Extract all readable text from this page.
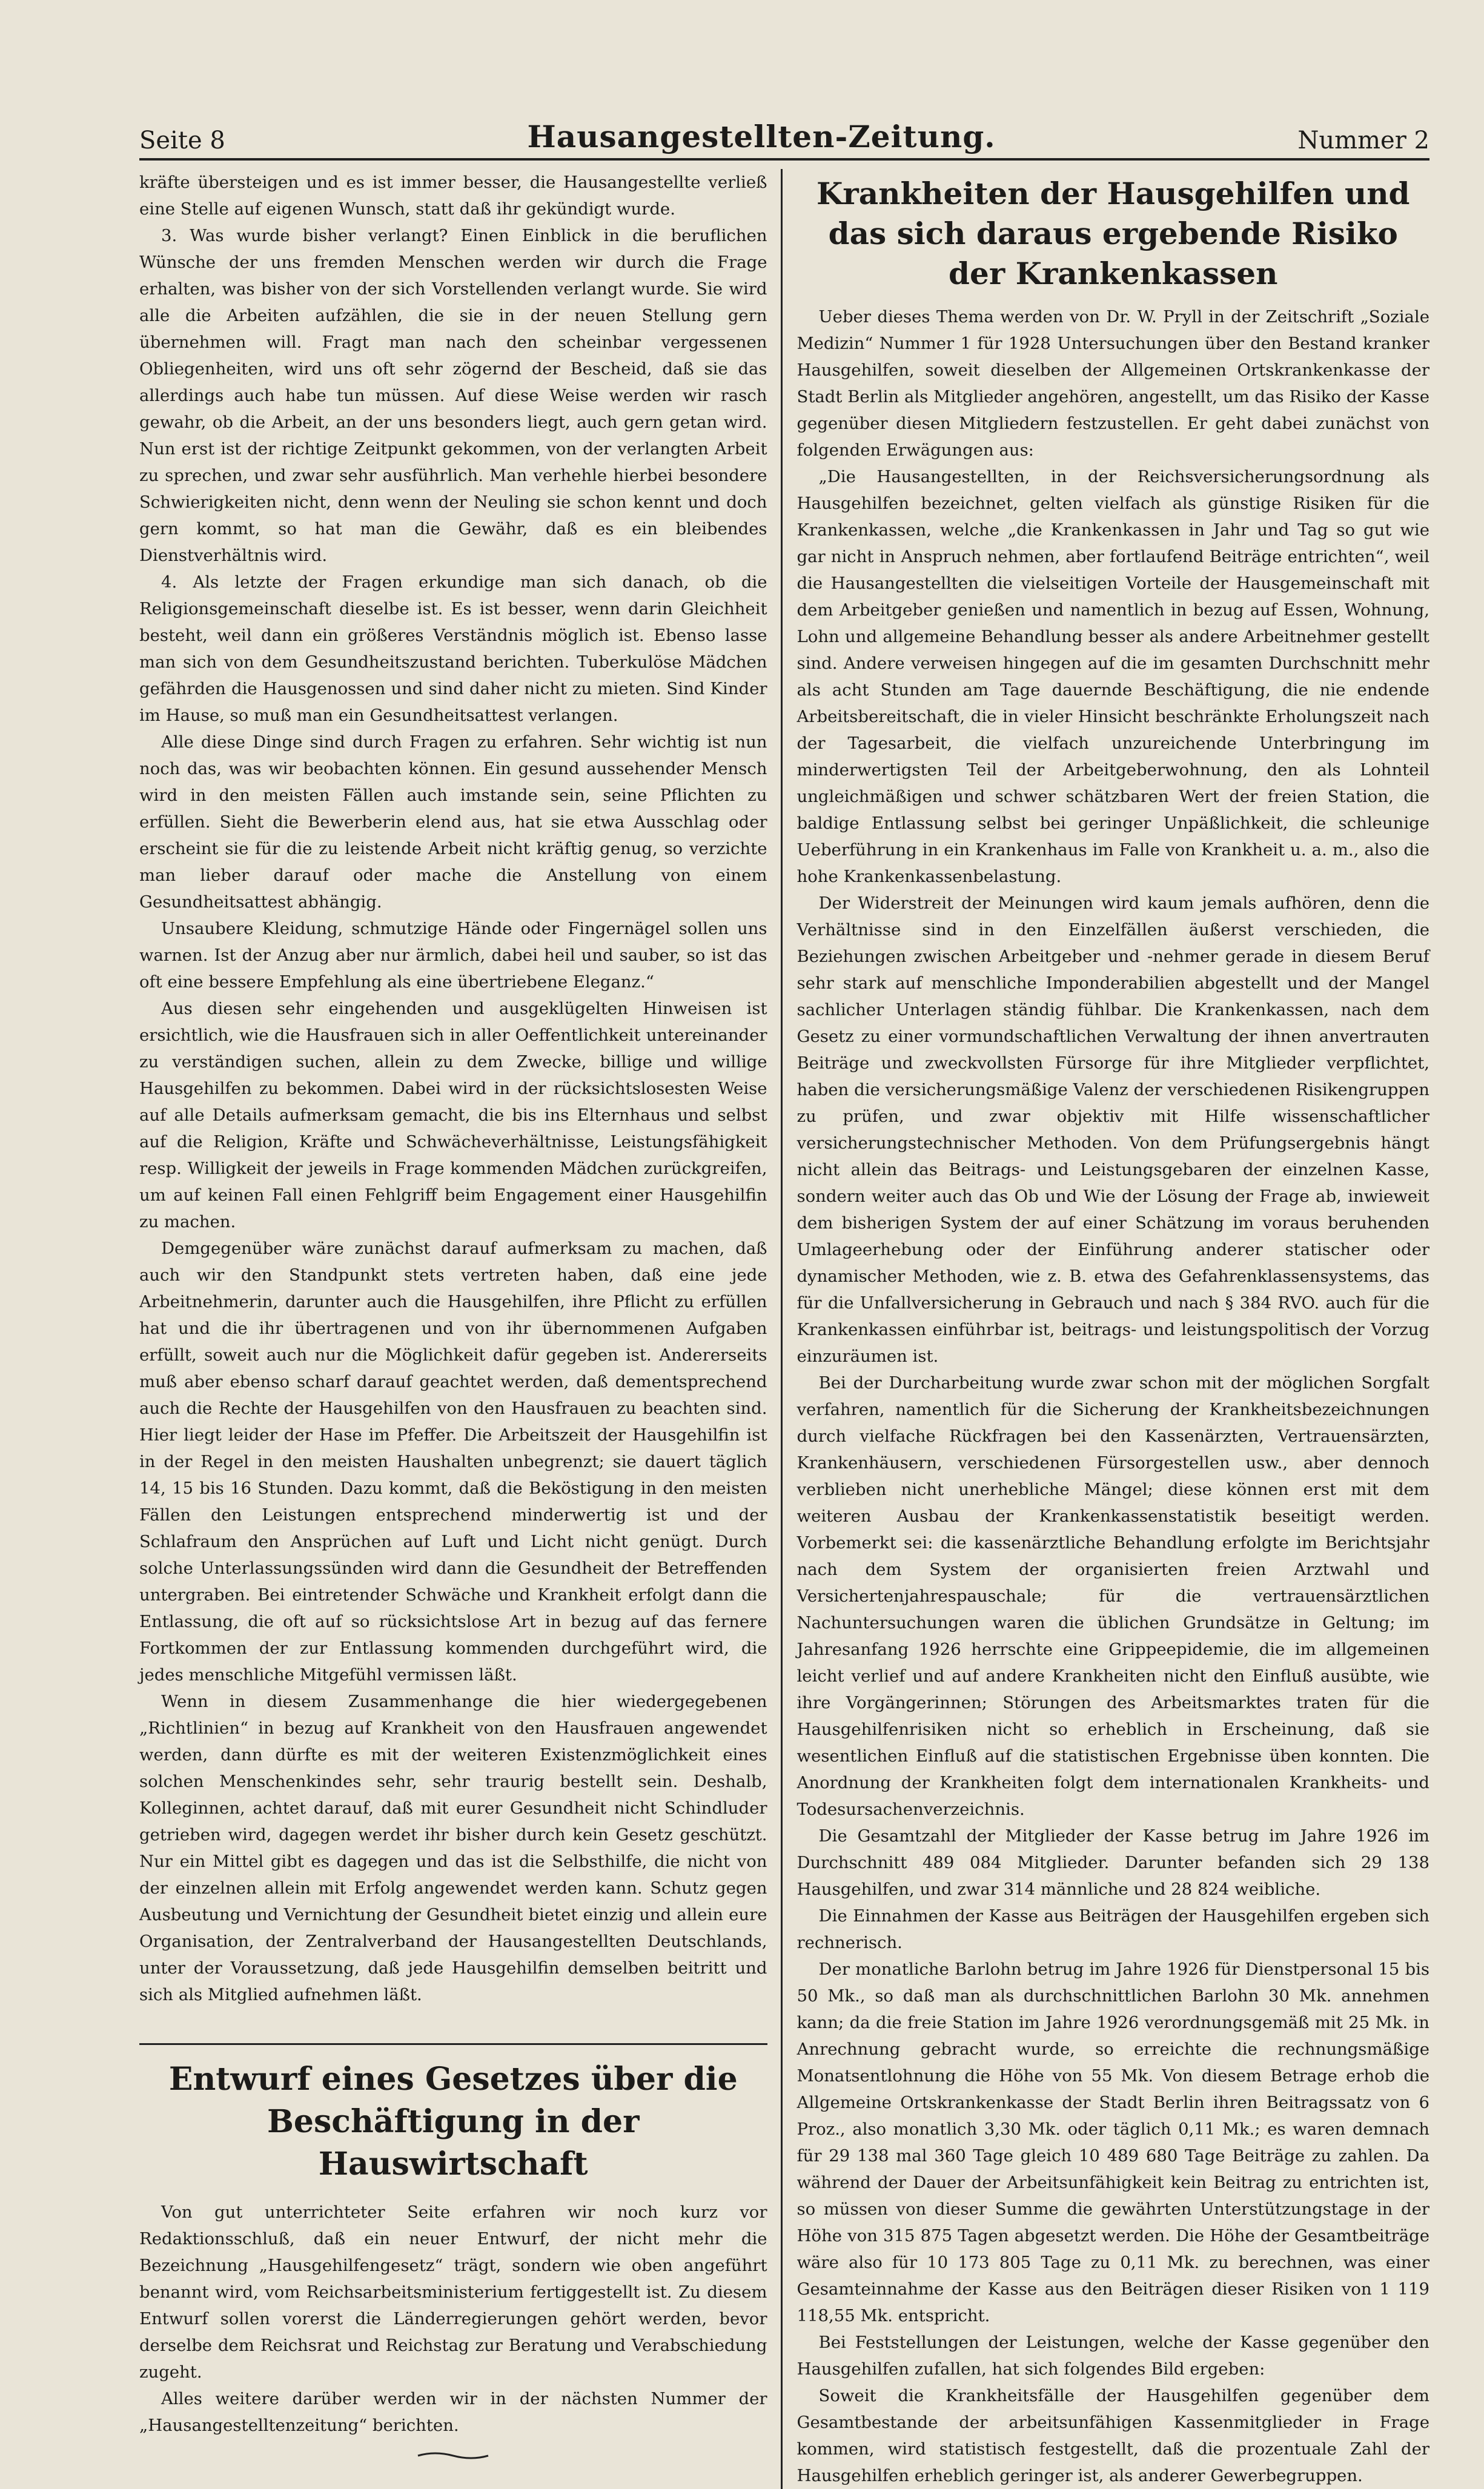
Seite 8	Hausangestellten-Zeitung.	Nummer 2

kräfte übersteigen und es ist immer besser, die Hausangestellte verließ eine Stelle auf eigenen Wunsch, statt daß ihr gekündigt wurde.

3. Was wurde bisher verlangt? Einen Einblick in die beruflichen Wünsche der uns fremden Menschen werden wir durch die Frage erhalten, was bisher von der sich Vorstellenden verlangt wurde. Sie wird alle die Arbeiten aufzählen, die sie in der neuen Stellung gern übernehmen will. Fragt man nach den scheinbar vergessenen Obliegenheiten, wird uns oft sehr zögernd der Bescheid, daß sie das allerdings auch habe tun müssen. Auf diese Weise werden wir rasch gewahr, ob die Arbeit, an der uns besonders liegt, auch gern getan wird. Nun erst ist der richtige Zeitpunkt gekommen, von der verlangten Arbeit zu sprechen, und zwar sehr ausführlich. Man verhehle hierbei besondere Schwierigkeiten nicht, denn wenn der Neuling sie schon kennt und doch gern kommt, so hat man die Gewähr, daß es ein bleibendes Dienstverhältnis wird.

4. Als letzte der Fragen erkundige man sich danach, ob die Religionsgemeinschaft dieselbe ist. Es ist besser, wenn darin Gleichheit besteht, weil dann ein größeres Verständnis möglich ist. Ebenso lasse man sich von dem Gesundheitszustand berichten. Tuberkulöse Mädchen gefährden die Hausgenossen und sind daher nicht zu mieten. Sind Kinder im Hause, so muß man ein Gesundheitsattest verlangen.

Alle diese Dinge sind durch Fragen zu erfahren. Sehr wichtig ist nun noch das, was wir beobachten können. Ein gesund aussehender Mensch wird in den meisten Fällen auch imstande sein, seine Pflichten zu erfüllen. Sieht die Bewerberin elend aus, hat sie etwa Ausschlag oder erscheint sie für die zu leistende Arbeit nicht kräftig genug, so verzichte man lieber darauf oder mache die Anstellung von einem Gesundheitsattest abhängig.

Unsaubere Kleidung, schmutzige Hände oder Fingernägel sollen uns warnen. Ist der Anzug aber nur ärmlich, dabei heil und sauber, so ist das oft eine bessere Empfehlung als eine übertriebene Eleganz.“

Aus diesen sehr eingehenden und ausgeklügelten Hinweisen ist ersichtlich, wie die Hausfrauen sich in aller Oeffentlichkeit untereinander zu verständigen suchen, allein zu dem Zwecke, billige und willige Hausgehilfen zu bekommen. Dabei wird in der rücksichtslosesten Weise auf alle Details aufmerksam gemacht, die bis ins Elternhaus und selbst auf die Religion, Kräfte und Schwächeverhältnisse, Leistungsfähigkeit resp. Willigkeit der jeweils in Frage kommenden Mädchen zurückgreifen, um auf keinen Fall einen Fehlgriff beim Engagement einer Hausgehilfin zu machen.

Demgegenüber wäre zunächst darauf aufmerksam zu machen, daß auch wir den Standpunkt stets vertreten haben, daß eine jede Arbeitnehmerin, darunter auch die Hausgehilfen, ihre Pflicht zu erfüllen hat und die ihr übertragenen und von ihr übernommenen Aufgaben erfüllt, soweit auch nur die Möglichkeit dafür gegeben ist. Andererseits muß aber ebenso scharf darauf geachtet werden, daß dementsprechend auch die Rechte der Hausgehilfen von den Hausfrauen zu beachten sind. Hier liegt leider der Hase im Pfeffer. Die Arbeitszeit der Hausgehilfin ist in der Regel in den meisten Haushalten unbegrenzt; sie dauert täglich 14, 15 bis 16 Stunden. Dazu kommt, daß die Beköstigung in den meisten Fällen den Leistungen entsprechend minderwertig ist und der Schlafraum den Ansprüchen auf Luft und Licht nicht genügt. Durch solche Unterlassungssünden wird dann die Gesundheit der Betreffenden untergraben. Bei eintretender Schwäche und Krankheit erfolgt dann die Entlassung, die oft auf so rücksichtslose Art in bezug auf das fernere Fortkommen der zur Entlassung kommenden durchgeführt wird, die jedes menschliche Mitgefühl vermissen läßt.

Wenn in diesem Zusammenhange die hier wiedergegebenen „Richtlinien“ in bezug auf Krankheit von den Hausfrauen angewendet werden, dann dürfte es mit der weiteren Existenzmöglichkeit eines solchen Menschenkindes sehr, sehr traurig bestellt sein. Deshalb, Kolleginnen, achtet darauf, daß mit eurer Gesundheit nicht Schindluder getrieben wird, dagegen werdet ihr bisher durch kein Gesetz geschützt. Nur ein Mittel gibt es dagegen und das ist die Selbsthilfe, die nicht von der einzelnen allein mit Erfolg angewendet werden kann. Schutz gegen Ausbeutung und Vernichtung der Gesundheit bietet einzig und allein eure Organisation, der Zentralverband der Hausangestellten Deutschlands, unter der Voraussetzung, daß jede Hausgehilfin demselben beitritt und sich als Mitglied aufnehmen läßt.

Entwurf eines Gesetzes über die Beschäftigung in der Hauswirtschaft

Von gut unterrichteter Seite erfahren wir noch kurz vor Redaktionsschluß, daß ein neuer Entwurf, der nicht mehr die Bezeichnung „Hausgehilfengesetz“ trägt, sondern wie oben angeführt benannt wird, vom Reichsarbeitsministerium fertiggestellt ist. Zu diesem Entwurf sollen vorerst die Länderregierungen gehört werden, bevor derselbe dem Reichsrat und Reichstag zur Beratung und Verabschiedung zugeht.

Alles weitere darüber werden wir in der nächsten Nummer der „Hausangestelltenzeitung“ berichten.

Krankheiten der Hausgehilfen und das sich daraus ergebende Risiko der Krankenkassen

Ueber dieses Thema werden von Dr. W. Pryll in der Zeitschrift „Soziale Medizin“ Nummer 1 für 1928 Untersuchungen über den Bestand kranker Hausgehilfen, soweit dieselben der Allgemeinen Ortskrankenkasse der Stadt Berlin als Mitglieder angehören, angestellt, um das Risiko der Kasse gegenüber diesen Mitgliedern festzustellen. Er geht dabei zunächst von folgenden Erwägungen aus:

„Die Hausangestellten, in der Reichsversicherungsordnung als Hausgehilfen bezeichnet, gelten vielfach als günstige Risiken für die Krankenkassen, welche „die Krankenkassen in Jahr und Tag so gut wie gar nicht in Anspruch nehmen, aber fortlaufend Beiträge entrichten“, weil die Hausangestellten die vielseitigen Vorteile der Hausgemeinschaft mit dem Arbeitgeber genießen und namentlich in bezug auf Essen, Wohnung, Lohn und allgemeine Behandlung besser als andere Arbeitnehmer gestellt sind. Andere verweisen hingegen auf die im gesamten Durchschnitt mehr als acht Stunden am Tage dauernde Beschäftigung, die nie endende Arbeitsbereitschaft, die in vieler Hinsicht beschränkte Erholungszeit nach der Tagesarbeit, die vielfach unzureichende Unterbringung im minderwertigsten Teil der Arbeitgeberwohnung, den als Lohnteil ungleichmäßigen und schwer schätzbaren Wert der freien Station, die baldige Entlassung selbst bei geringer Unpäßlichkeit, die schleunige Ueberführung in ein Krankenhaus im Falle von Krankheit u. a. m., also die hohe Krankenkassenbelastung.

Der Widerstreit der Meinungen wird kaum jemals aufhören, denn die Verhältnisse sind in den Einzelfällen äußerst verschieden, die Beziehungen zwischen Arbeitgeber und -nehmer gerade in diesem Beruf sehr stark auf menschliche Imponderabilien abgestellt und der Mangel sachlicher Unterlagen ständig fühlbar. Die Krankenkassen, nach dem Gesetz zu einer vormundschaftlichen Verwaltung der ihnen anvertrauten Beiträge und zweckvollsten Fürsorge für ihre Mitglieder verpflichtet, haben die versicherungsmäßige Valenz der verschiedenen Risikengruppen zu prüfen, und zwar objektiv mit Hilfe wissenschaftlicher versicherungstechnischer Methoden. Von dem Prüfungsergebnis hängt nicht allein das Beitrags- und Leistungsgebaren der einzelnen Kasse, sondern weiter auch das Ob und Wie der Lösung der Frage ab, inwieweit dem bisherigen System der auf einer Schätzung im voraus beruhenden Umlageerhebung oder der Einführung anderer statischer oder dynamischer Methoden, wie z. B. etwa des Gefahrenklassensystems, das für die Unfallversicherung in Gebrauch und nach § 384 RVO. auch für die Krankenkassen einführbar ist, beitrags- und leistungspolitisch der Vorzug einzuräumen ist.

Bei der Durcharbeitung wurde zwar schon mit der möglichen Sorgfalt verfahren, namentlich für die Sicherung der Krankheitsbezeichnungen durch vielfache Rückfragen bei den Kassenärzten, Vertrauensärzten, Krankenhäusern, verschiedenen Fürsorgestellen usw., aber dennoch verblieben nicht unerhebliche Mängel; diese können erst mit dem weiteren Ausbau der Krankenkassenstatistik beseitigt werden. Vorbemerkt sei: die kassenärztliche Behandlung erfolgte im Berichtsjahr nach dem System der organisierten freien Arztwahl und Versichertenjahrespauschale; für die vertrauensärztlichen Nachuntersuchungen waren die üblichen Grundsätze in Geltung; im Jahresanfang 1926 herrschte eine Grippeepidemie, die im allgemeinen leicht verlief und auf andere Krankheiten nicht den Einfluß ausübte, wie ihre Vorgängerinnen; Störungen des Arbeitsmarktes traten für die Hausgehilfenrisiken nicht so erheblich in Erscheinung, daß sie wesentlichen Einfluß auf die statistischen Ergebnisse üben konnten. Die Anordnung der Krankheiten folgt dem internationalen Krankheits- und Todesursachenverzeichnis.

Die Gesamtzahl der Mitglieder der Kasse betrug im Jahre 1926 im Durchschnitt 489 084 Mitglieder. Darunter befanden sich 29 138 Hausgehilfen, und zwar 314 männliche und 28 824 weibliche.

Die Einnahmen der Kasse aus Beiträgen der Hausgehilfen ergeben sich rechnerisch.

Der monatliche Barlohn betrug im Jahre 1926 für Dienstpersonal 15 bis 50 Mk., so daß man als durchschnittlichen Barlohn 30 Mk. annehmen kann; da die freie Station im Jahre 1926 verordnungsgemäß mit 25 Mk. in Anrechnung gebracht wurde, so erreichte die rechnungsmäßige Monatsentlohnung die Höhe von 55 Mk. Von diesem Betrage erhob die Allgemeine Ortskrankenkasse der Stadt Berlin ihren Beitragssatz von 6 Proz., also monatlich 3,30 Mk. oder täglich 0,11 Mk.; es waren demnach für 29 138 mal 360 Tage gleich 10 489 680 Tage Beiträge zu zahlen. Da während der Dauer der Arbeitsunfähigkeit kein Beitrag zu entrichten ist, so müssen von dieser Summe die gewährten Unterstützungstage in der Höhe von 315 875 Tagen abgesetzt werden. Die Höhe der Gesamtbeiträge wäre also für 10 173 805 Tage zu 0,11 Mk. zu berechnen, was einer Gesamteinnahme der Kasse aus den Beiträgen dieser Risiken von 1 119 118,55 Mk. entspricht.

Bei Feststellungen der Leistungen, welche der Kasse gegenüber den Hausgehilfen zufallen, hat sich folgendes Bild ergeben:

Soweit die Krankheitsfälle der Hausgehilfen gegenüber dem Gesamtbestande der arbeitsunfähigen Kassenmitglieder in Frage kommen, wird statistisch festgestellt, daß die prozentuale Zahl der Hausgehilfen erheblich geringer ist, als anderer Gewerbegruppen.
